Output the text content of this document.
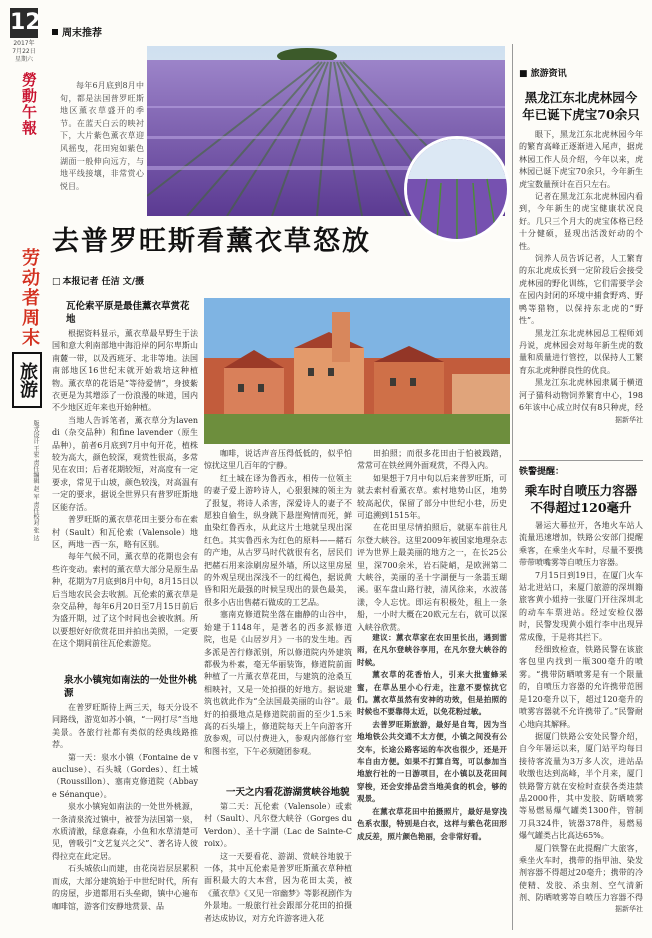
12
2017年
7月22日
星期六
勞動午報
周末推荐
劳动者周末
旅游
版式设计 王宏 责任编辑 赵 军 责任校对 张 达
每年6月底到8月中旬，都是法国普罗旺斯地区薰衣草盛开的季节。在蓝天白云的映衬下，大片紫色薰衣草迎风摇曳，花田宛如紫色湖面一般伸向远方，与地平线接壤，非常赏心悦目。
去普罗旺斯看薰衣草怒放
□ 本报记者 任洁 文/摄
瓦伦索平原是最佳薰衣草赏花地

根据资料显示，薰衣草最早野生于法国和意大利南部地中海沿岸的阿尔卑斯山南麓一带，以及西班牙、北非等地。法国南部地区16世纪末就开始栽培这种植物。薰衣草的花语是“等待爱情”，身披紫衣更是为其增添了一份浪漫的味道，国内不少地区近年来也开始种植。

当地人告诉笔者，薰衣草分为lavendi（杂交品种）和fine lavender（原生品种），前者6月底到7月中旬开花，植株较为高大，颜色较深，观赏性很高，多常见在农田；后者花期较短，对高度有一定要求，常见于山坡，颜色较浅，对高温有一定的要求，据说全世界只有普罗旺斯地区能存活。

普罗旺斯的薰衣草花田主要分布在索村（Sault）和瓦伦索（Valensole）地区，两地一西一东，略有区别。

每年气候不同，薰衣草的花期也会有些许变动。索村的薰衣草大部分是原生品种，花期为7月底到8月中旬，8月15日以后当地农民会去收割。瓦伦索的薰衣草是杂交品种，每年6月20日至7月15日前后为盛开期，过了这个时间也会被收割。所以要想好好欣赏花田并拍出美照，一定要在这个期间前往瓦伦索游览。

泉水小镇宛如南法的一处世外桃源

在普罗旺斯待上两三天，每天分设不同路线，游览如苏小镇，“一网打尽”当地美景。各旅行社都有类似的经典线路推荐。

第一天：泉水小镇（Fontaine de vaucluse）、石头城（Gordes）、红土城（Roussillon）、塞南克修道院（Abbaye Sénanque）。

泉水小镇宛如南法的一处世外桃源，一条清泉流过镇中，被誉为法国第一泉，水质清澈，绿意森森，小鱼和水草清楚可见，曾吸引“文艺复兴之父”、著名诗人彼得拉克在此定居。

石头城依山而建，由花岗岩层层累积而成，大部分建筑始于中世纪时代，所有的房屋，步道都用石头垒砌，镇中心遍布咖啡馆，游客们安静地赏景、品

咖啡，说话声音压得低低的，似乎怕惊扰这里几百年的宁静。

红土城在译为鲁西永，相传一位领主的妻子爱上游吟诗人，心狠狠辣的领主为了报复，将诗人杀害，深爱诗人的妻子不愿独自偷生，纵身跳下悬崖殉情而死，鲜血染红鲁西永，从此这片土地就呈现出深红色。其实鲁西永为红色的原料——赭石的产地，从古罗马时代就很有名，居民们把赭石用来涂刷房屋外墙，所以这里房屋的外观呈现出深浅不一的红褐色，据说黄昏和阳光最强的时候呈现出的景色最美，很多小店出售赭石做成的工艺品。

塞南克修道院坐落在幽静的山谷中，始建于1148年，是著名的西多派修道院，也是《山居岁月》一书的发生地。西多派是苦行修派别，所以修道院内外建筑都极为朴素，毫无华丽装饰，修道院前面种植了一片薰衣草花田，与建筑的沧桑互相映衬，又是一处拍摄的好地方。据说建筑也就此作为“全法国最美丽的山谷”。最好的拍摄地点是修道院前面的至少1.5米高的石头墙上，修道院每天上午向游客开放参观，可以付费进入，参观内部修行室和图书室，下午必须随团参观。

一天之内看花游湖赏峡谷地貌

第二天：瓦伦索（Valensole）或索村（Sault）、凡尔登大峡谷（Gorges du Verdon）、圣十字湖（Lac de Sainte-Croix）。

这一天要看花、游湖、赏峡谷地貌于一体，其中瓦伦索是普罗旺斯薰衣草种植面积最大的大本营，因为花田太美，被《薰衣草》《又见一帘幽梦》等影视剧作为外景地。一般旅行社会跟部分花田的拍摄者达成协议，对方允许游客进入花

田拍照；而很多花田由于怕被践踏，常常可在铁丝网外面观赏，不得入内。

如果想于7月中旬以后来普罗旺斯，可就去索村看薰衣草。索村地势山区，地势较高起伏，保留了部分中世纪小巷，历史可追溯到1515年。

在花田里尽情拍照后，就驱车前往凡尔登大峡谷。这里2009年被国家地理杂志评为世界上最美丽的地方之一，在长25公里，深700余米，岩石陡峭，是欧洲第二大峡谷，美丽的圣十字湖便与一条翡玉瑚溪。驱车盘山路行驶，清风徐来，水波荡漾，令人忘忧。即运有积极处，租上一条船，一小时大概在20欧元左右，就可以深入峡谷欣赏。

建议：薰衣草家在农田里长出，遇到雷雨，在凡尔登峡谷享用，在凡尔登大峡谷的时候。

薰衣草的花香怡人，引来大批蜜蜂采蜜，在草丛里小心行走，注意不要惊扰它们。薰衣草虽然有安神的功效，但是拍照的时候也不要靠得太近，以免花粉过敏。

去普罗旺斯旅游，最好是自驾，因为当地地铁公共交通不太方便，小镇之间没有公交车，长途公路客运的车次也很少，还是开车自由方便。如果不打算自驾，可以参加当地旅行社的一日游项目，在小镇以及花田间穿梭，还会安排品尝当地美食的机会，够的观景。

在薰衣草花田中拍摄照片，最好是穿浅色系衣服，特别是白衣，这样与紫色花田形成反差，照片颜色艳丽，会非常好看。

■ 旅游资讯
黑龙江东北虎林园今年已诞下虎宝70余只

眼下，黑龙江东北虎林园今年的繁育高峰正逐渐进入尾声，据虎林园工作人员介绍，今年以来，虎林园已诞下虎宝70余只，今年新生虎宝数量预计在百只左右。

记者在黑龙江东北虎林园内看到，今年新生的虎宝健康状况良好。几只三个月大的虎宝体格已经十分健硕，显现出活泼好动的个性。

饲养人员告诉记者，人工繁育的东北虎成长到一定阶段后会接受虎林园的野化训练，它们需要学会在园内封闭的环境中捕食野鸡、野鸭等猎物，以保持东北虎的“野性”。

黑龙江东北虎林园总工程师刘丹说，虎林园会对每年新生虎的数量和质量进行管控，以保持人工繁育东北虎种群良性的优良。

黑龙江东北虎林园隶属于横道河子猫科动物饲养繁育中心，1986年该中心成立时仅有8只种虎，经

据新华社
铁警提醒：
乘车时自喷压力容器不得超过120毫升

暑运大幕拉开，各地火车站人流量迅速增加，铁路公安部门提醒乘客，在乘坐火车时，尽量不要携带带喷嘴雾等自喷压力容器。

7月15日到19日，在厦门火车站北进站口，来厦门旅游的深圳籍旅客黄小姐持一张厦门开往深圳北的动车车票进站。经过安检仪器时，民警发现黄小姐行李中出现异常成像，于是将其拦下。

经细致检查，铁路民警在该旅客包里内找到一瓶300毫升的喷雾。“携带防晒喷雾是有一个限量的，自喷压力容器的允许携带范围是120毫升以下，超过120毫升的喷雾容器就不允许携带了。”民警耐心地向其解释。

据厦门铁路公安处民警介绍，自今年暑运以来，厦门站平均每日接待客流量为3万多人次，进站品收缴也达到高峰，半个月来，厦门铁路警方就在安检时查获各类违禁品2000件，其中发胶、防晒喷雾等易燃易爆气罐类1300件，管制刀具324件，铳器378件，易燃易爆气罐类占比高达65%。

厦门铁警在此提醒广大旅客，乘坐火车时，携带的指甲油、染发剂容器不得超过20毫升；携带的冷使精、发胶、杀虫剂、空气清新剂、防晒喷雾等自喷压力容器不得

据新华社
